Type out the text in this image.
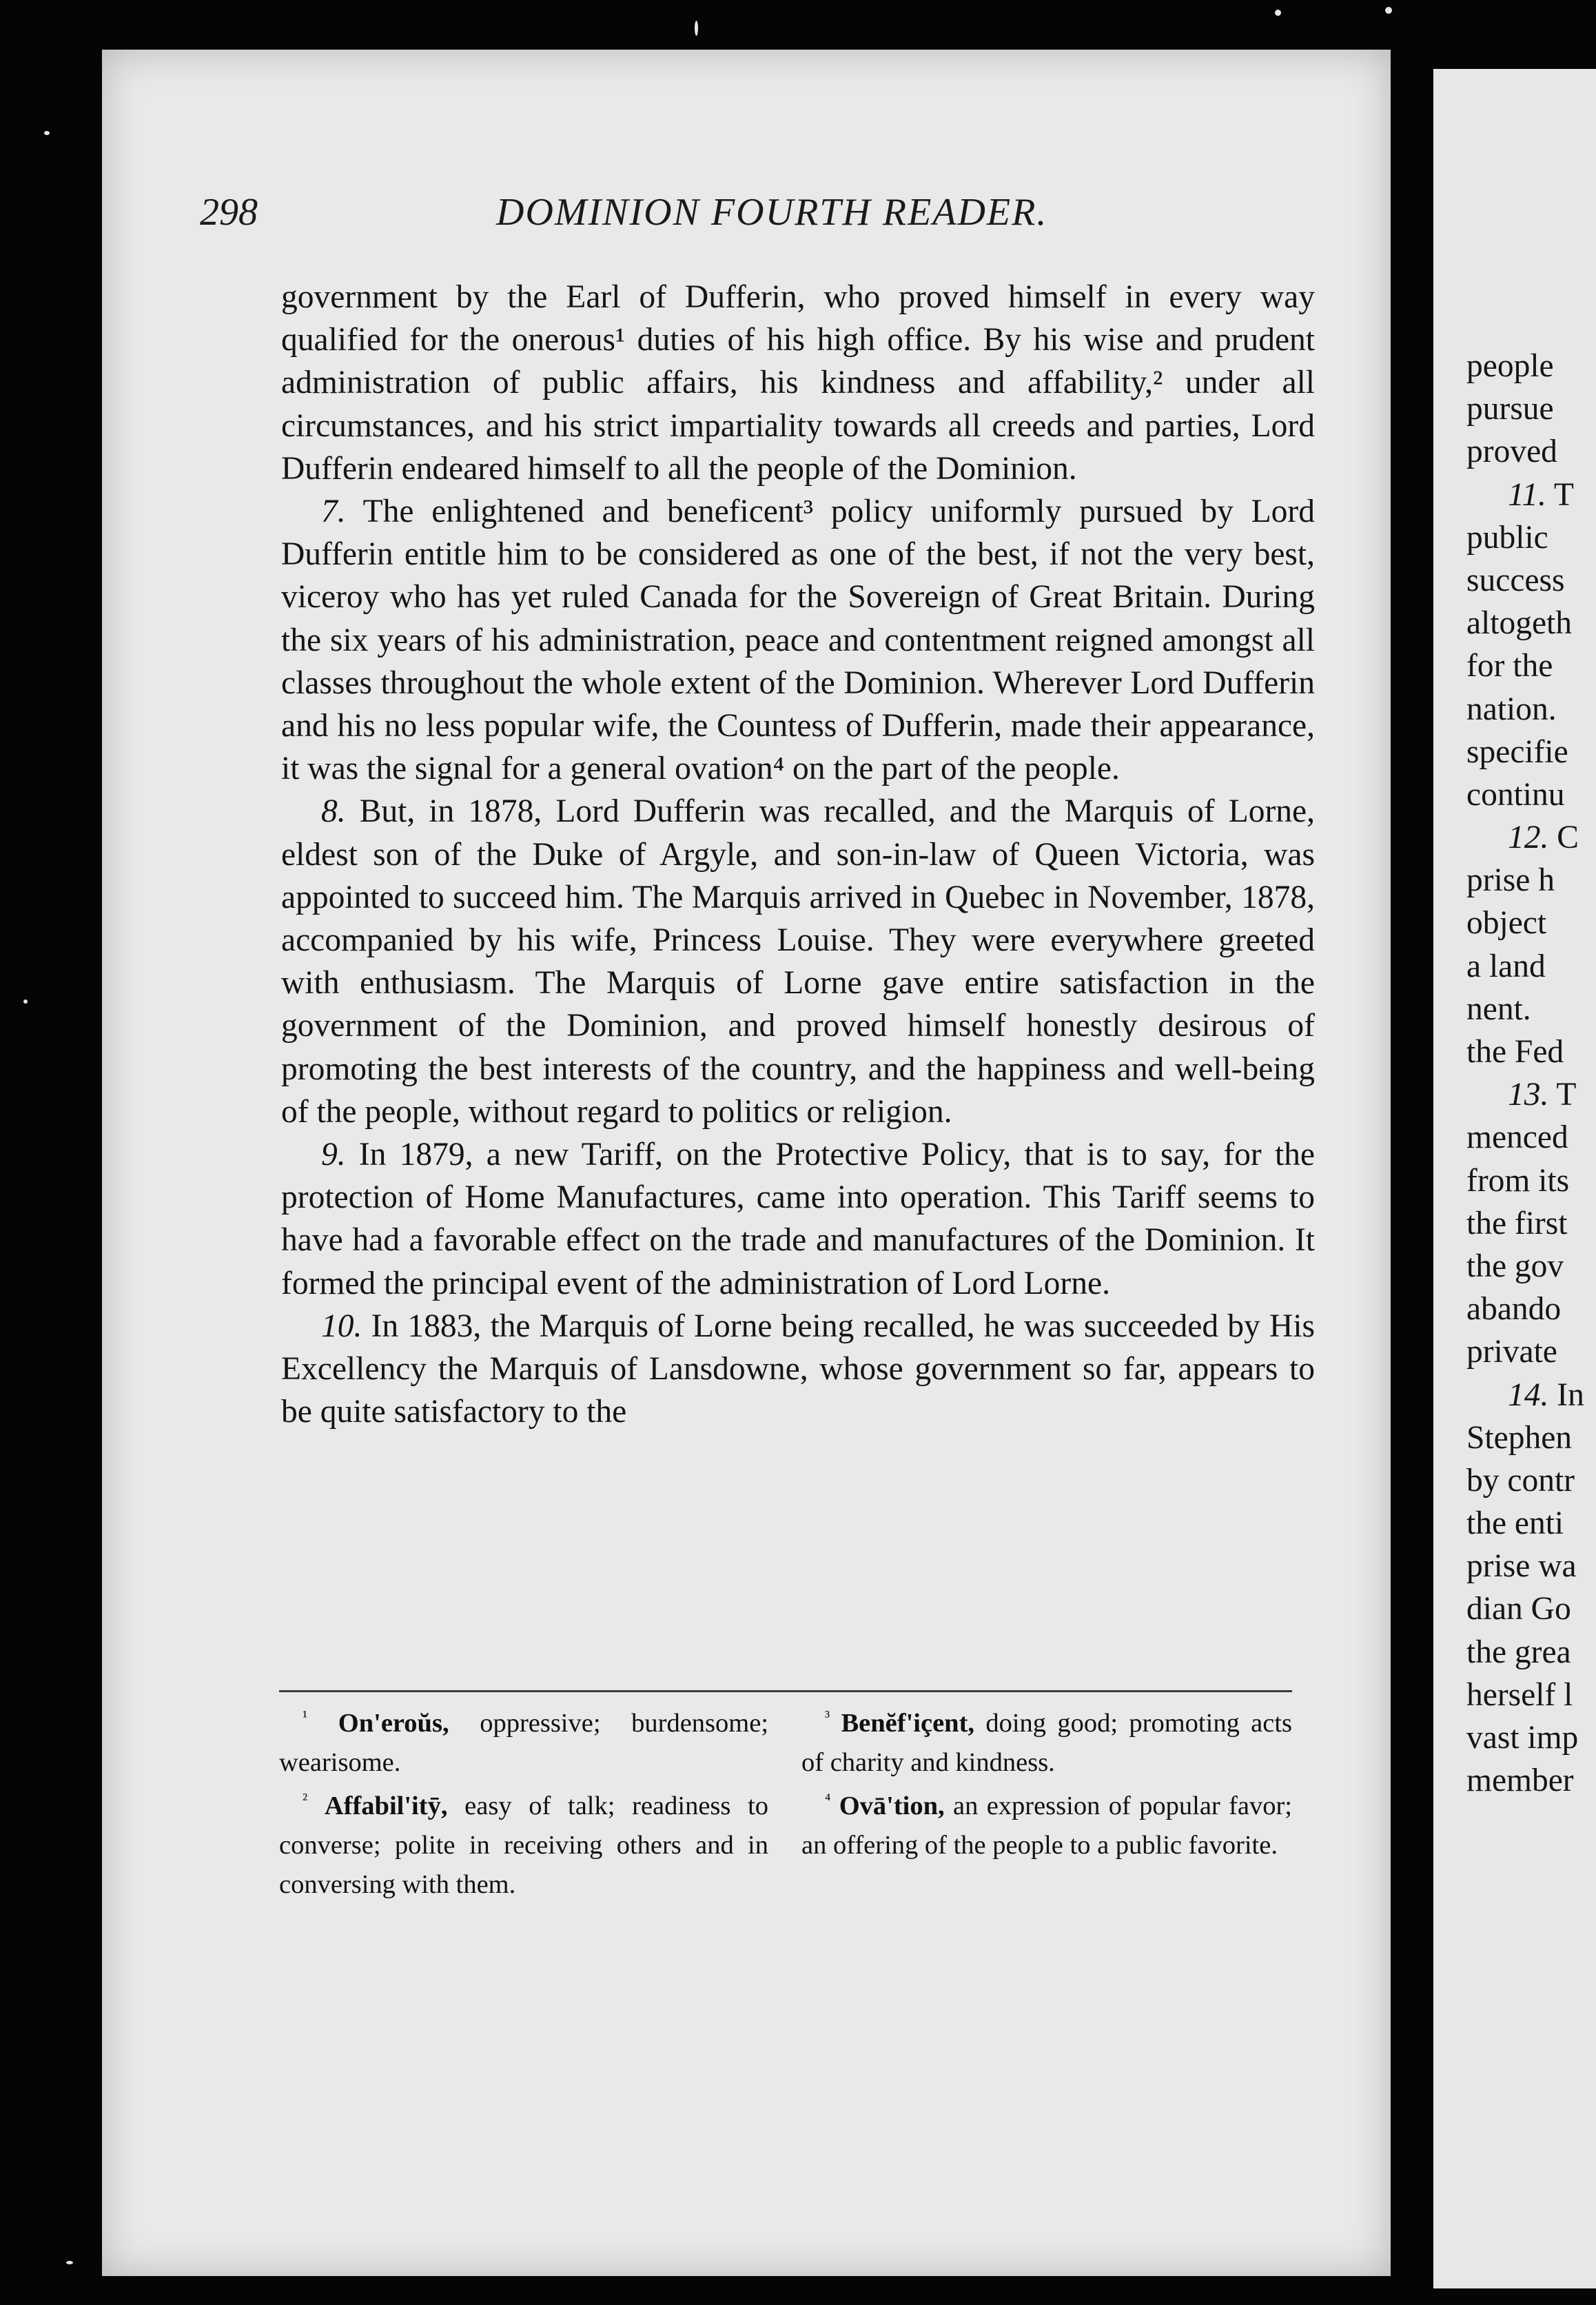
298	DOMINION FOURTH READER.

government by the Earl of Dufferin, who proved himself in every way qualified for the onerous¹ duties of his high office. By his wise and prudent administration of public affairs, his kindness and affability,² under all circumstances, and his strict impartiality towards all creeds and parties, Lord Dufferin endeared himself to all the people of the Dominion.

7. The enlightened and beneficent³ policy uniformly pursued by Lord Dufferin entitle him to be considered as one of the best, if not the very best, viceroy who has yet ruled Canada for the Sovereign of Great Britain. During the six years of his administration, peace and contentment reigned amongst all classes throughout the whole extent of the Dominion. Wherever Lord Dufferin and his no less popular wife, the Countess of Dufferin, made their appearance, it was the signal for a general ovation⁴ on the part of the people.

8. But, in 1878, Lord Dufferin was recalled, and the Marquis of Lorne, eldest son of the Duke of Argyle, and son-in-law of Queen Victoria, was appointed to succeed him. The Marquis arrived in Quebec in November, 1878, accompanied by his wife, Princess Louise. They were everywhere greeted with enthusiasm. The Marquis of Lorne gave entire satisfaction in the government of the Dominion, and proved himself honestly desirous of promoting the best interests of the country, and the happiness and well-being of the people, without regard to politics or religion.

9. In 1879, a new Tariff, on the Protective Policy, that is to say, for the protection of Home Manufactures, came into operation. This Tariff seems to have had a favorable effect on the trade and manufactures of the Dominion. It formed the principal event of the administration of Lord Lorne.

10. In 1883, the Marquis of Lorne being recalled, he was succeeded by His Excellency the Marquis of Lansdowne, whose government so far, appears to be quite satisfactory to the

$^{^1}$ On'eroŭs, oppressive; burdensome; wearisome.

$^{^2}$ Affabil'itȳ, easy of talk; readiness to converse; polite in receiving others and in conversing with them.

$^{^3}$ Benĕf'içent, doing good; promoting acts of charity and kindness.

$^{^4}$ Ovā'tion, an expression of popular favor; an offering of the people to a public favorite.

people
pursue
proved
11. T
public
success
altogeth
for the
nation.
specifie
continu
12. C
prise h
object
a land
nent.
the Fed
13. T
menced
from its
the first
the gov
abando
private
14. In
Stephen
by contr
the enti
prise wa
dian Go
the grea
herself l
vast imp
member
